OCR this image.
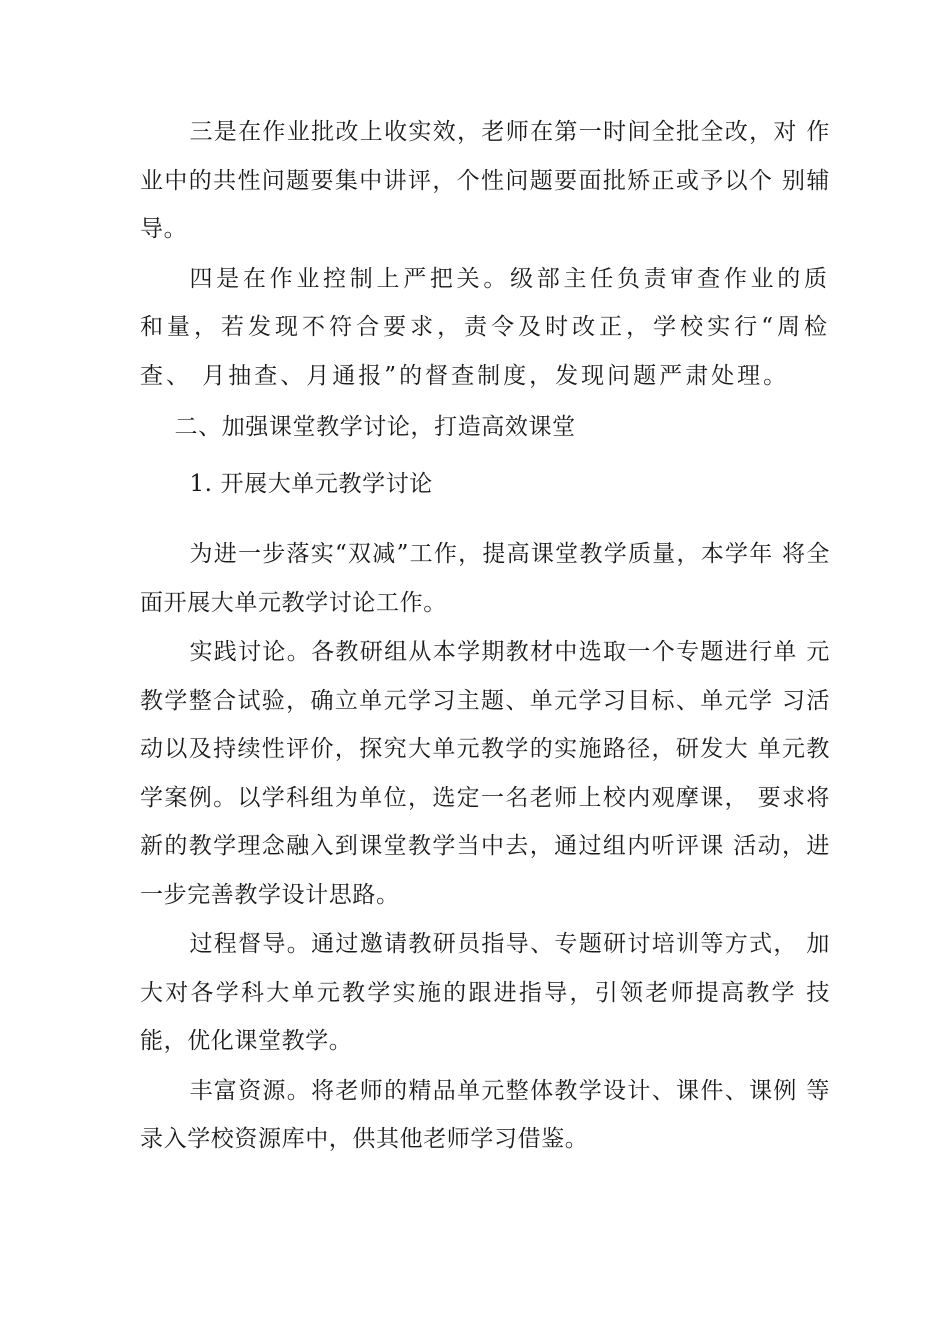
三是在作业批改上收实效，老师在第一时间全批全改，对 作业中的共性问题要集中讲评，个性问题要面批矫正或予以个 别辅导。

四是在作业控制上严把关。级部主任负责审查作业的质和量，若发现不符合要求，责令及时改正，学校实行“周检查、 月抽查、月通报”的督查制度，发现问题严肃处理。

二、加强课堂教学讨论，打造高效课堂

1. 开展大单元教学讨论

为进一步落实“双减”工作，提高课堂教学质量，本学年 将全面开展大单元教学讨论工作。

实践讨论。各教研组从本学期教材中选取一个专题进行单 元教学整合试验，确立单元学习主题、单元学习目标、单元学 习活动以及持续性评价，探究大单元教学的实施路径，研发大 单元教学案例。以学科组为单位，选定一名老师上校内观摩课， 要求将新的教学理念融入到课堂教学当中去，通过组内听评课 活动，进一步完善教学设计思路。

过程督导。通过邀请教研员指导、专题研讨培训等方式， 加大对各学科大单元教学实施的跟进指导，引领老师提高教学 技能，优化课堂教学。

丰富资源。将老师的精品单元整体教学设计、课件、课例 等录入学校资源库中，供其他老师学习借鉴。
